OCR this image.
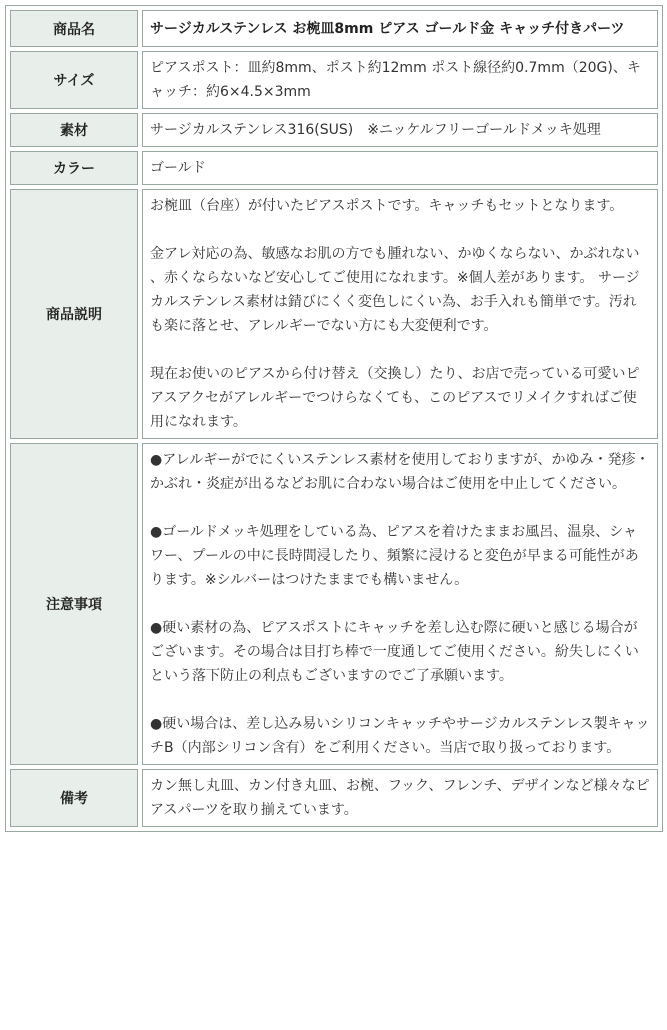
商品名	サージカルステンレス お椀皿8mm ピアス ゴールド金 キャッチ付きパーツ
サイズ	ピアスポスト：皿約8mm、ポスト約12mm ポスト線径約0.7mm（20G)、キャッチ：約6×4.5×3mm
素材	サージカルステンレス316(SUS)　※ニッケルフリーゴールドメッキ処理
カラー	ゴールド
商品説明	お椀皿（台座）が付いたピアスポストです。キャッチもセットとなります。

金アレ対応の為、敏感なお肌の方でも腫れない、かゆくならない、かぶれない、赤くならないなど安心してご使用になれます。※個人差があります。 サージカルステンレス素材は錆びにくく変色しにくい為、お手入れも簡単です。汚れも楽に落とせ、アレルギーでない方にも大変便利です。

現在お使いのピアスから付け替え（交換し）たり、お店で売っている可愛いピアスアクセがアレルギーでつけらなくても、このピアスでリメイクすればご使用になれます。

注意事項	●アレルギーがでにくいステンレス素材を使用しておりますが、かゆみ・発疹・かぶれ・炎症が出るなどお肌に合わない場合はご使用を中止してください。

●ゴールドメッキ処理をしている為、ピアスを着けたままお風呂、温泉、シャワー、プールの中に長時間浸したり、頻繁に浸けると変色が早まる可能性があります。※シルバーはつけたままでも構いません。

●硬い素材の為、ピアスポストにキャッチを差し込む際に硬いと感じる場合がございます。その場合は目打ち棒で一度通してご使用ください。紛失しにくいという落下防止の利点もございますのでご了承願います。

●硬い場合は、差し込み易いシリコンキャッチやサージカルステンレス製キャッチB（内部シリコン含有）をご利用ください。当店で取り扱っております。

備考	カン無し丸皿、カン付き丸皿、お椀、フック、フレンチ、デザインなど様々なピアスパーツを取り揃えています。
